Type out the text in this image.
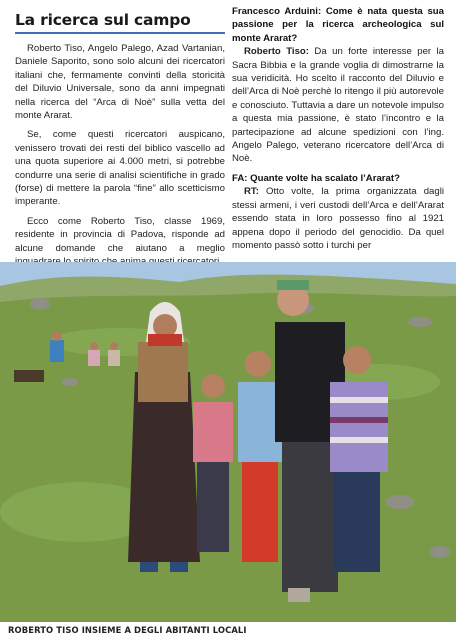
La ricerca sul campo

Roberto Tiso, Angelo Palego, Azad Vartanian, Daniele Saporito, sono solo alcuni dei ricercatori italiani che, fermamente convinti della storicità del Diluvio Universale, sono da anni impegnati nella ricerca del “Arca di Noè” sulla vetta del monte Ararat.

Se, come questi ricercatori auspicano, venissero trovati dei resti del biblico vascello ad una quota superiore ai 4.000 metri, si potrebbe condurre una serie di analisi scientifiche in grado (forse) di mettere la parola “fine” allo scetticismo imperante.

Ecco come Roberto Tiso, classe 1969, residente in provincia di Padova, risponde ad alcune domande che aiutano a meglio

Francesco Arduini: Come è nata questa sua passione per la ricerca archeologica sul monte Ararat?

Roberto Tiso: Da un forte interesse per la Sacra Bibbia e la grande voglia di dimostrarne la sua veridicità. Ho scelto il racconto del Diluvio e dell’Arca di Noè perchè lo ritengo il più autorevole e conosciuto. Tuttavia a dare un notevole impulso a questa mia passione, è stato l’incontro e la partecipazione ad alcune spedizioni con l’ing. Angelo Palego, veterano ricercatore dell’Arca di Noè.

FA: Quante volte ha scalato l’Ararat?

RT: Otto volte, la prima organizzata dagli stessi armeni, i veri custodi dell’Arca e dell’Ararat essendo stata in loro possesso fino al 1921 appena dopo il periodo del genocidio. Da quel momento passò sotto i turchi per

ROBERTO TISO INSIEME A DEGLI ABITANTI LOCALI
